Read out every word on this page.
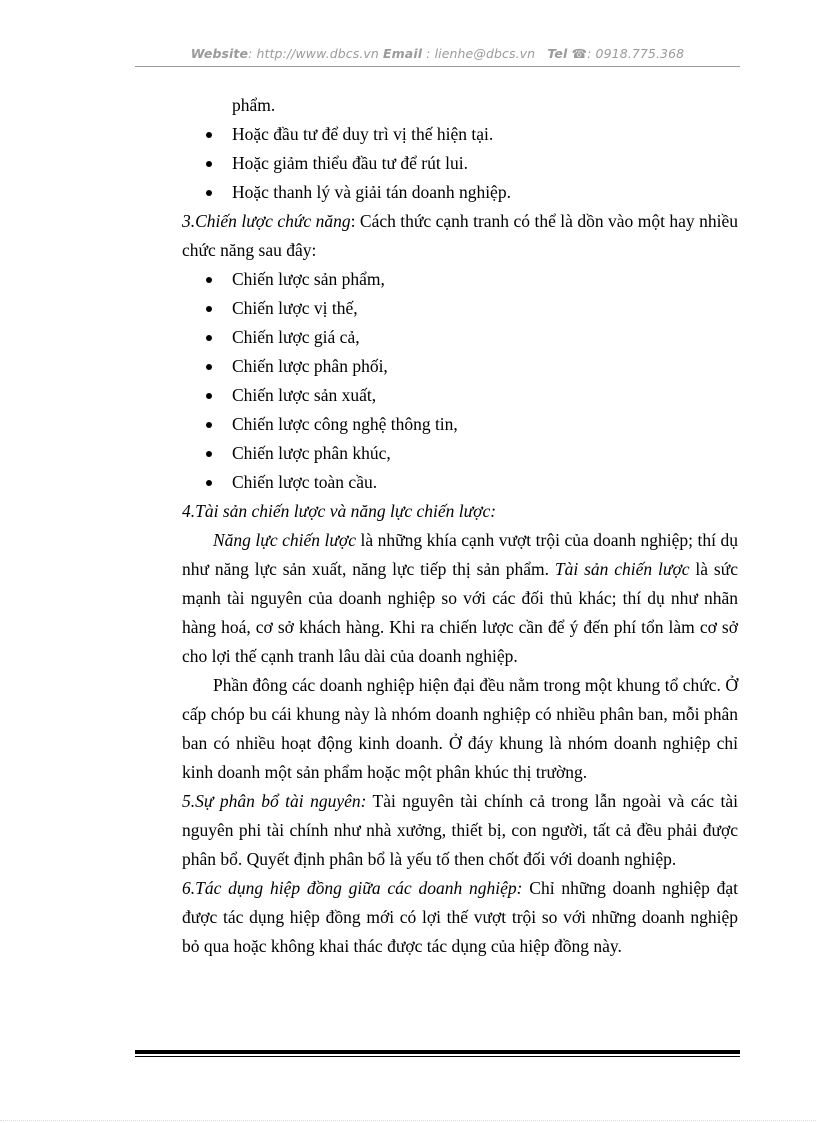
Website: http://www.dbcs.vn Email : lienhe@dbcs.vn Tel ☎: 0918.775.368

phẩm.

Hoặc đầu tư để duy trì vị thế hiện tại.
Hoặc giảm thiểu đầu tư để rút lui.
Hoặc thanh lý và giải tán doanh nghiệp.

3.Chiến lược chức năng: Cách thức cạnh tranh có thể là dồn vào một hay nhiều chức năng sau đây:

Chiến lược sản phẩm,
Chiến lược vị thế,
Chiến lược giá cả,
Chiến lược phân phối,
Chiến lược sản xuất,
Chiến lược công nghệ thông tin,
Chiến lược phân khúc,
Chiến lược toàn cầu.

4.Tài sản chiến lược và năng lực chiến lược:

Năng lực chiến lược là những khía cạnh vượt trội của doanh nghiệp; thí dụ như năng lực sản xuất, năng lực tiếp thị sản phẩm. Tài sản chiến lược là sức mạnh tài nguyên của doanh nghiệp so với các đối thủ khác; thí dụ như nhãn hàng hoá, cơ sở khách hàng. Khi ra chiến lược cần để ý đến phí tổn làm cơ sở cho lợi thế cạnh tranh lâu dài của doanh nghiệp.

Phần đông các doanh nghiệp hiện đại đều nằm trong một khung tổ chức. Ở cấp chóp bu cái khung này là nhóm doanh nghiệp có nhiều phân ban, mỗi phân ban có nhiều hoạt động kinh doanh. Ở đáy khung là nhóm doanh nghiệp chỉ kinh doanh một sản phẩm hoặc một phân khúc thị trường.

5.Sự phân bổ tài nguyên: Tài nguyên tài chính cả trong lẫn ngoài và các tài nguyên phi tài chính như nhà xưởng, thiết bị, con người, tất cả đều phải được phân bổ. Quyết định phân bổ là yếu tố then chốt đối với doanh nghiệp.

6.Tác dụng hiệp đồng giữa các doanh nghiệp: Chỉ những doanh nghiệp đạt được tác dụng hiệp đồng mới có lợi thế vượt trội so với những doanh nghiệp bỏ qua hoặc không khai thác được tác dụng của hiệp đồng này.
